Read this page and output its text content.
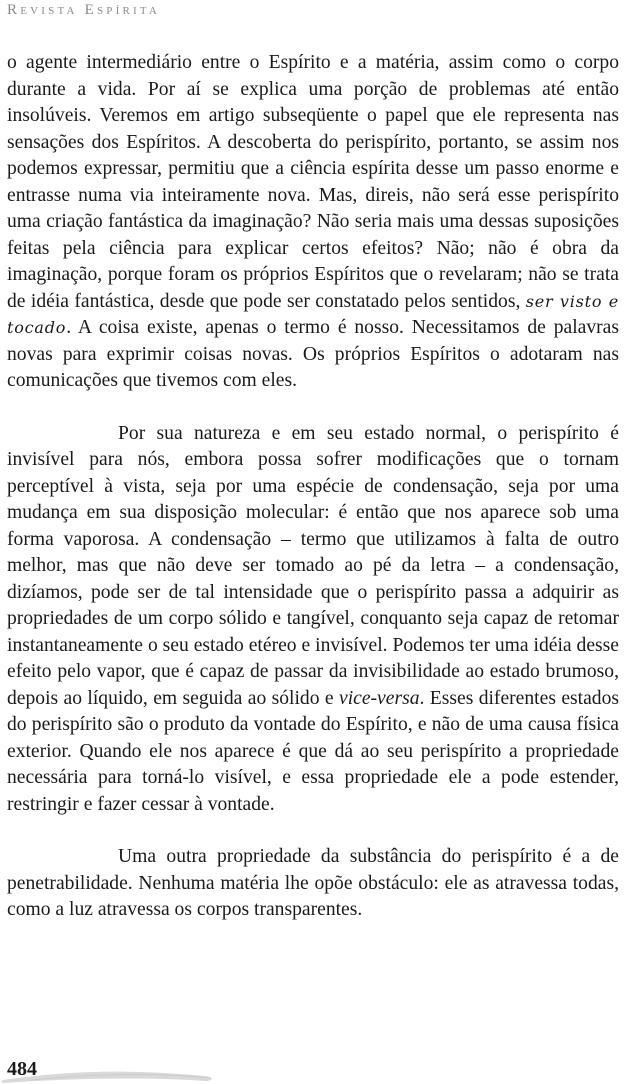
Revista Espírita

o agente intermediário entre o Espírito e a matéria, assim como o corpo durante a vida. Por aí se explica uma porção de problemas até então insolúveis. Veremos em artigo subseqüente o papel que ele representa nas sensações dos Espíritos. A descoberta do perispírito, portanto, se assim nos podemos expressar, permitiu que a ciência espírita desse um passo enorme e entrasse numa via inteiramente nova. Mas, direis, não será esse perispírito uma criação fantástica da imaginação? Não seria mais uma dessas suposições feitas pela ciência para explicar certos efeitos? Não; não é obra da imaginação, porque foram os próprios Espíritos que o revelaram; não se trata de idéia fantástica, desde que pode ser constatado pelos sentidos, ser visto e tocado. A coisa existe, apenas o termo é nosso. Necessitamos de palavras novas para exprimir coisas novas. Os próprios Espíritos o adotaram nas comunicações que tivemos com eles.

Por sua natureza e em seu estado normal, o perispírito é invisível para nós, embora possa sofrer modificações que o tornam perceptível à vista, seja por uma espécie de condensação, seja por uma mudança em sua disposição molecular: é então que nos aparece sob uma forma vaporosa. A condensação – termo que utilizamos à falta de outro melhor, mas que não deve ser tomado ao pé da letra – a condensação, dizíamos, pode ser de tal intensidade que o perispírito passa a adquirir as propriedades de um corpo sólido e tangível, conquanto seja capaz de retomar instantaneamente o seu estado etéreo e invisível. Podemos ter uma idéia desse efeito pelo vapor, que é capaz de passar da invisibilidade ao estado brumoso, depois ao líquido, em seguida ao sólido e vice-versa. Esses diferentes estados do perispírito são o produto da vontade do Espírito, e não de uma causa física exterior. Quando ele nos aparece é que dá ao seu perispírito a propriedade necessária para torná-lo visível, e essa propriedade ele a pode estender, restringir e fazer cessar à vontade.

Uma outra propriedade da substância do perispírito é a de penetrabilidade. Nenhuma matéria lhe opõe obstáculo: ele as atravessa todas, como a luz atravessa os corpos transparentes.

484
